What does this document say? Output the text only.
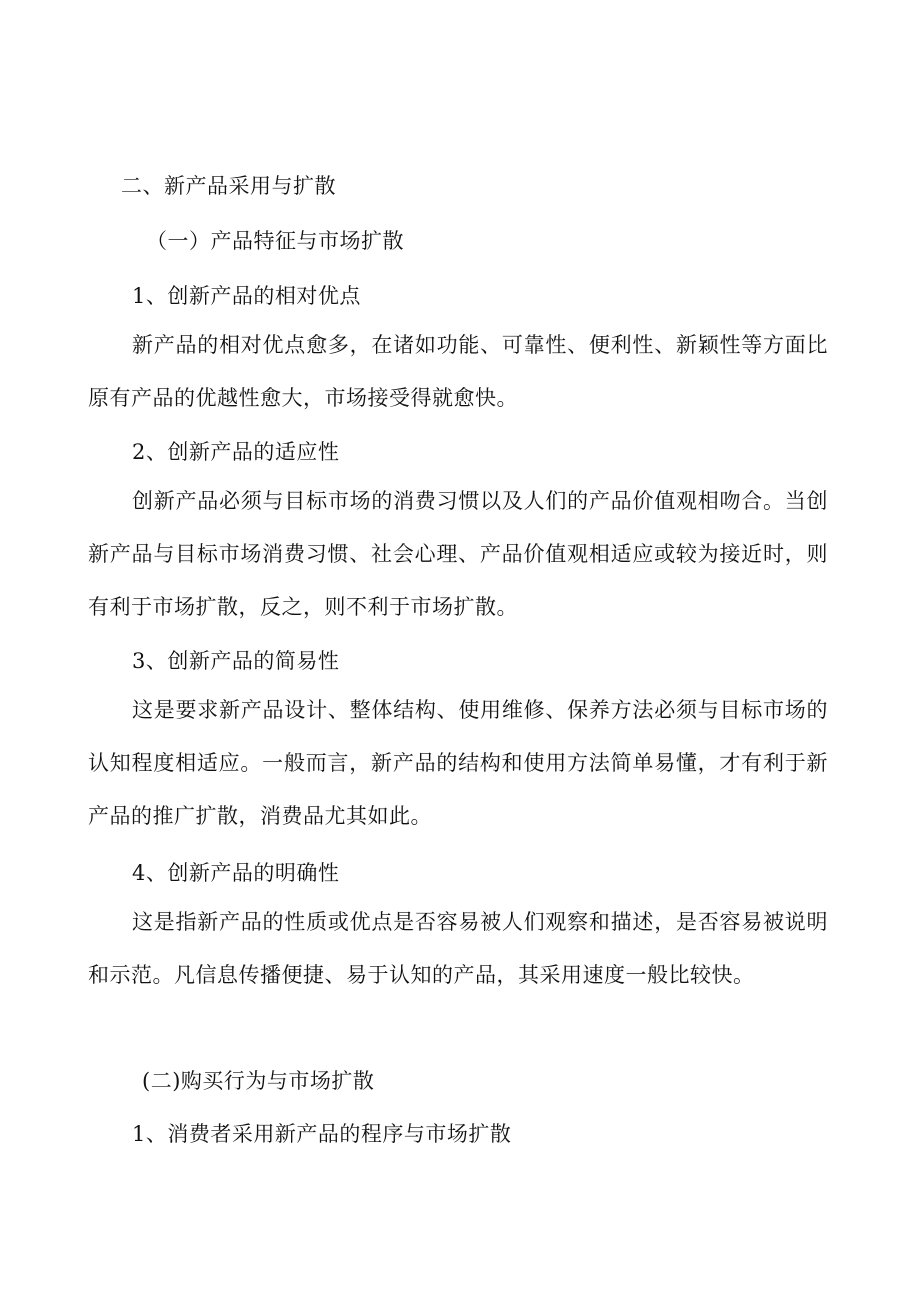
二、新产品采用与扩散
（一）产品特征与市场扩散
1、创新产品的相对优点
新产品的相对优点愈多，在诸如功能、可靠性、便利性、新颖性等方面比原有产品的优越性愈大，市场接受得就愈快。
2、创新产品的适应性
创新产品必须与目标市场的消费习惯以及人们的产品价值观相吻合。当创新产品与目标市场消费习惯、社会心理、产品价值观相适应或较为接近时，则有利于市场扩散，反之，则不利于市场扩散。
3、创新产品的简易性
这是要求新产品设计、整体结构、使用维修、保养方法必须与目标市场的认知程度相适应。一般而言，新产品的结构和使用方法简单易懂，才有利于新产品的推广扩散，消费品尤其如此。
4、创新产品的明确性
这是指新产品的性质或优点是否容易被人们观察和描述，是否容易被说明和示范。凡信息传播便捷、易于认知的产品，其采用速度一般比较快。
(二)购买行为与市场扩散
1、消费者采用新产品的程序与市场扩散
